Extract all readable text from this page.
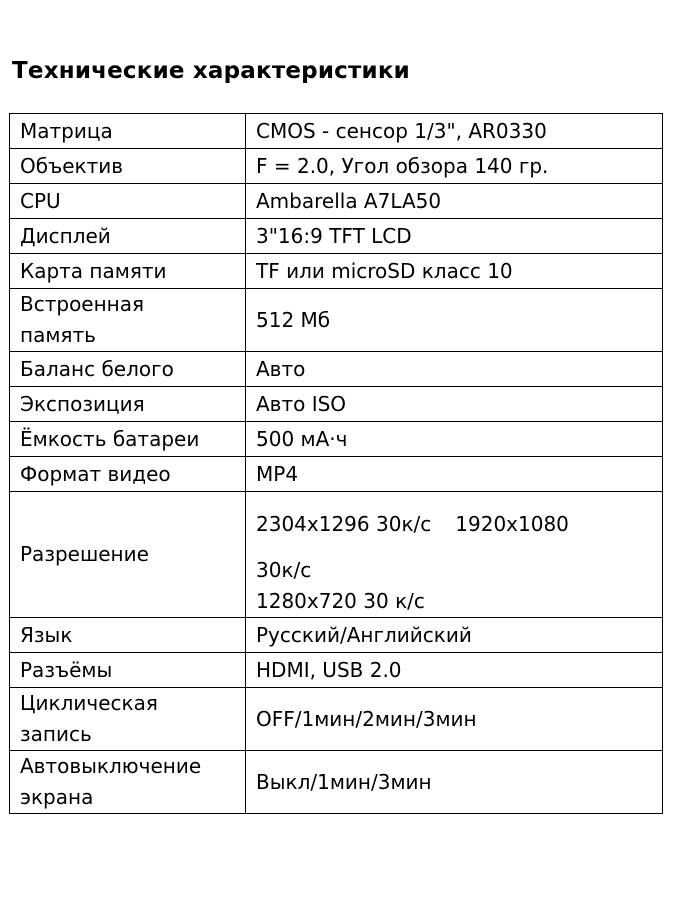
Технические характеристики
Матрица	CMOS - сенсор 1/3", AR0330
Объектив	F = 2.0, Угол обзора 140 гр.
CPU	Ambarella A7LA50
Дисплей	3"16:9 TFT LCD
Карта памяти	TF или microSD класс 10

Встроенная
память	512 Мб
Баланс белого	Авто
Экспозиция	Авто ISO
Ёмкость батареи	500 мА·ч
Формат видео	MP4
Разрешение	2304x1296 30к/с 1920x1080
30к/с
1280x720 30 к/с

Язык	Русский/Английский
Разъёмы	HDMI, USB 2.0

Циклическая
запись	OFF/1мин/2мин/3мин

Автовыключение
экрана	Выкл/1мин/3мин
